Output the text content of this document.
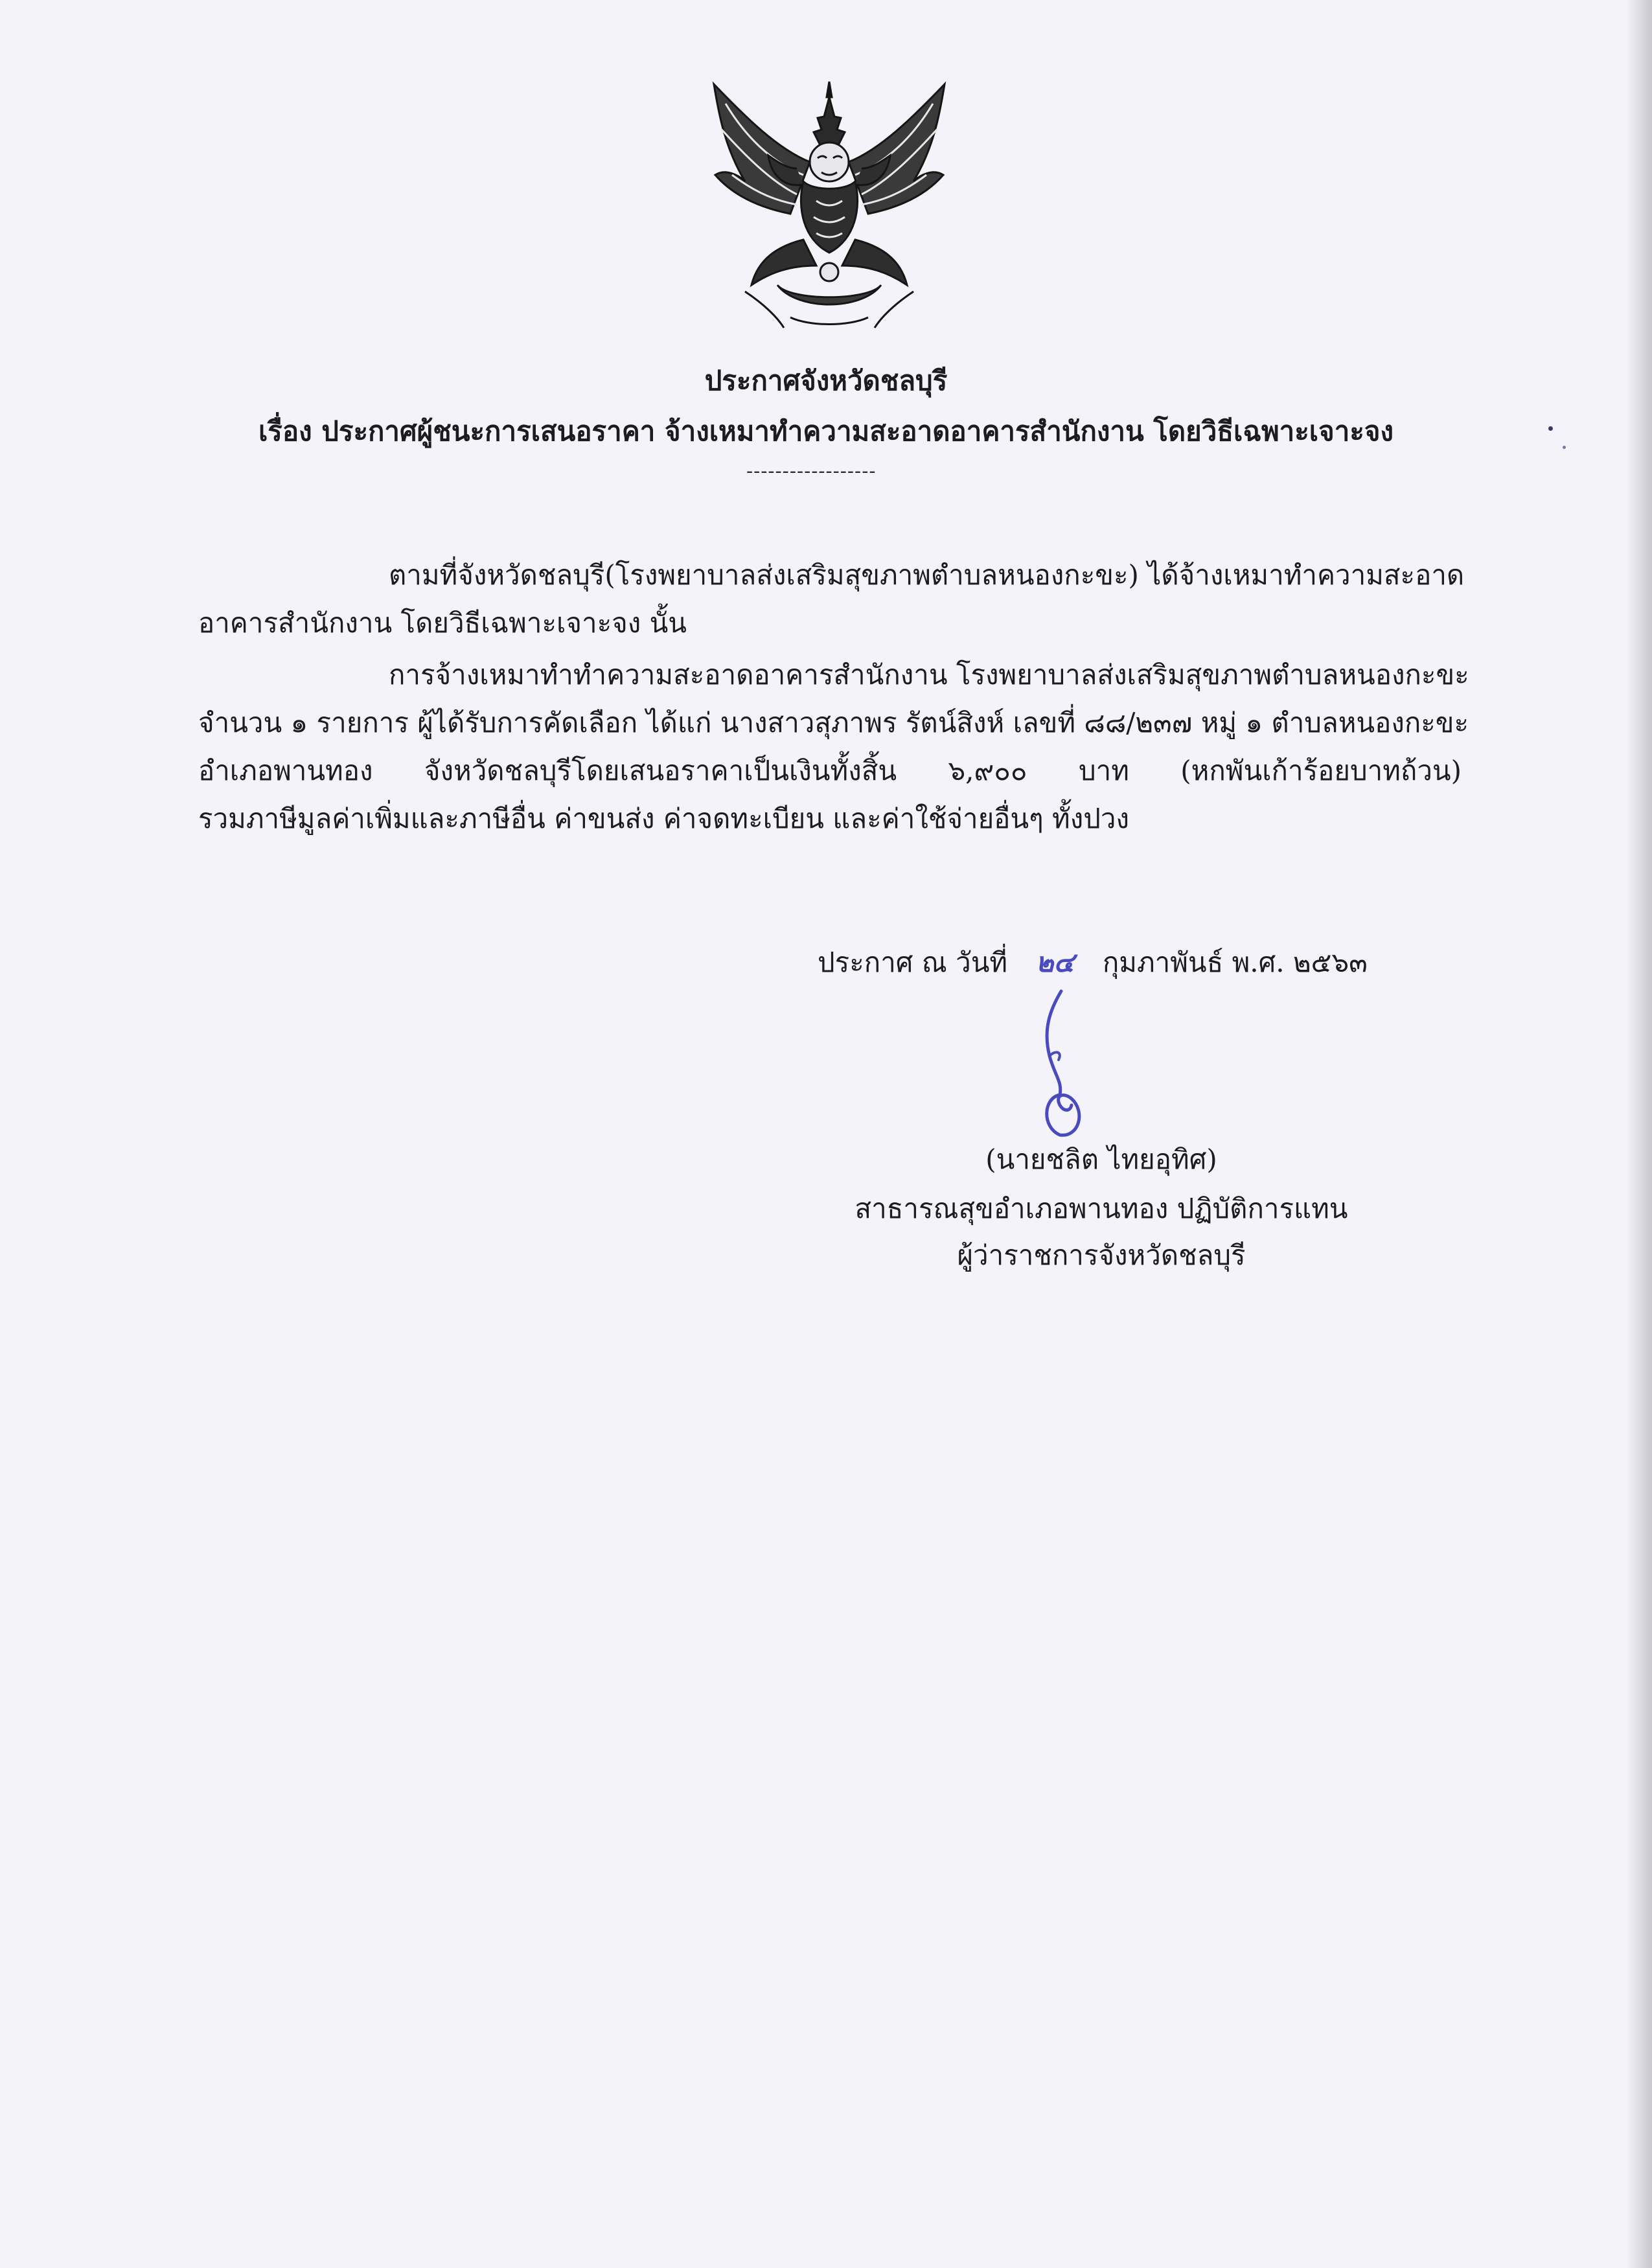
ประกาศจังหวัดชลบุรี
เรื่อง ประกาศผู้ชนะการเสนอราคา จ้างเหมาทำความสะอาดอาคารสำนักงาน โดยวิธีเฉพาะเจาะจง
------------------
ตามที่จังหวัดชลบุรี(โรงพยาบาลส่งเสริมสุขภาพตำบลหนองกะขะ) ได้จ้างเหมาทำความสะอาด
อาคารสำนักงาน โดยวิธีเฉพาะเจาะจง นั้น
การจ้างเหมาทำทำความสะอาดอาคารสำนักงาน โรงพยาบาลส่งเสริมสุขภาพตำบลหนองกะขะ
จำนวน ๑ รายการ ผู้ได้รับการคัดเลือก ได้แก่ นางสาวสุภาพร รัตน์สิงห์ เลขที่ ๘๘/๒๓๗ หมู่ ๑ ตำบลหนองกะขะ
อำเภอพานทอง จังหวัดชลบุรีโดยเสนอราคาเป็นเงินทั้งสิ้น ๖,๙๐๐ บาท (หกพันเก้าร้อยบาทถ้วน)
รวมภาษีมูลค่าเพิ่มและภาษีอื่น ค่าขนส่ง ค่าจดทะเบียน และค่าใช้จ่ายอื่นๆ ทั้งปวง
ประกาศ ณ วันที่ ๒๔ กุมภาพันธ์ พ.ศ. ๒๕๖๓
(นายชลิต ไทยอุทิศ)
สาธารณสุขอำเภอพานทอง ปฏิบัติการแทน
ผู้ว่าราชการจังหวัดชลบุรี
